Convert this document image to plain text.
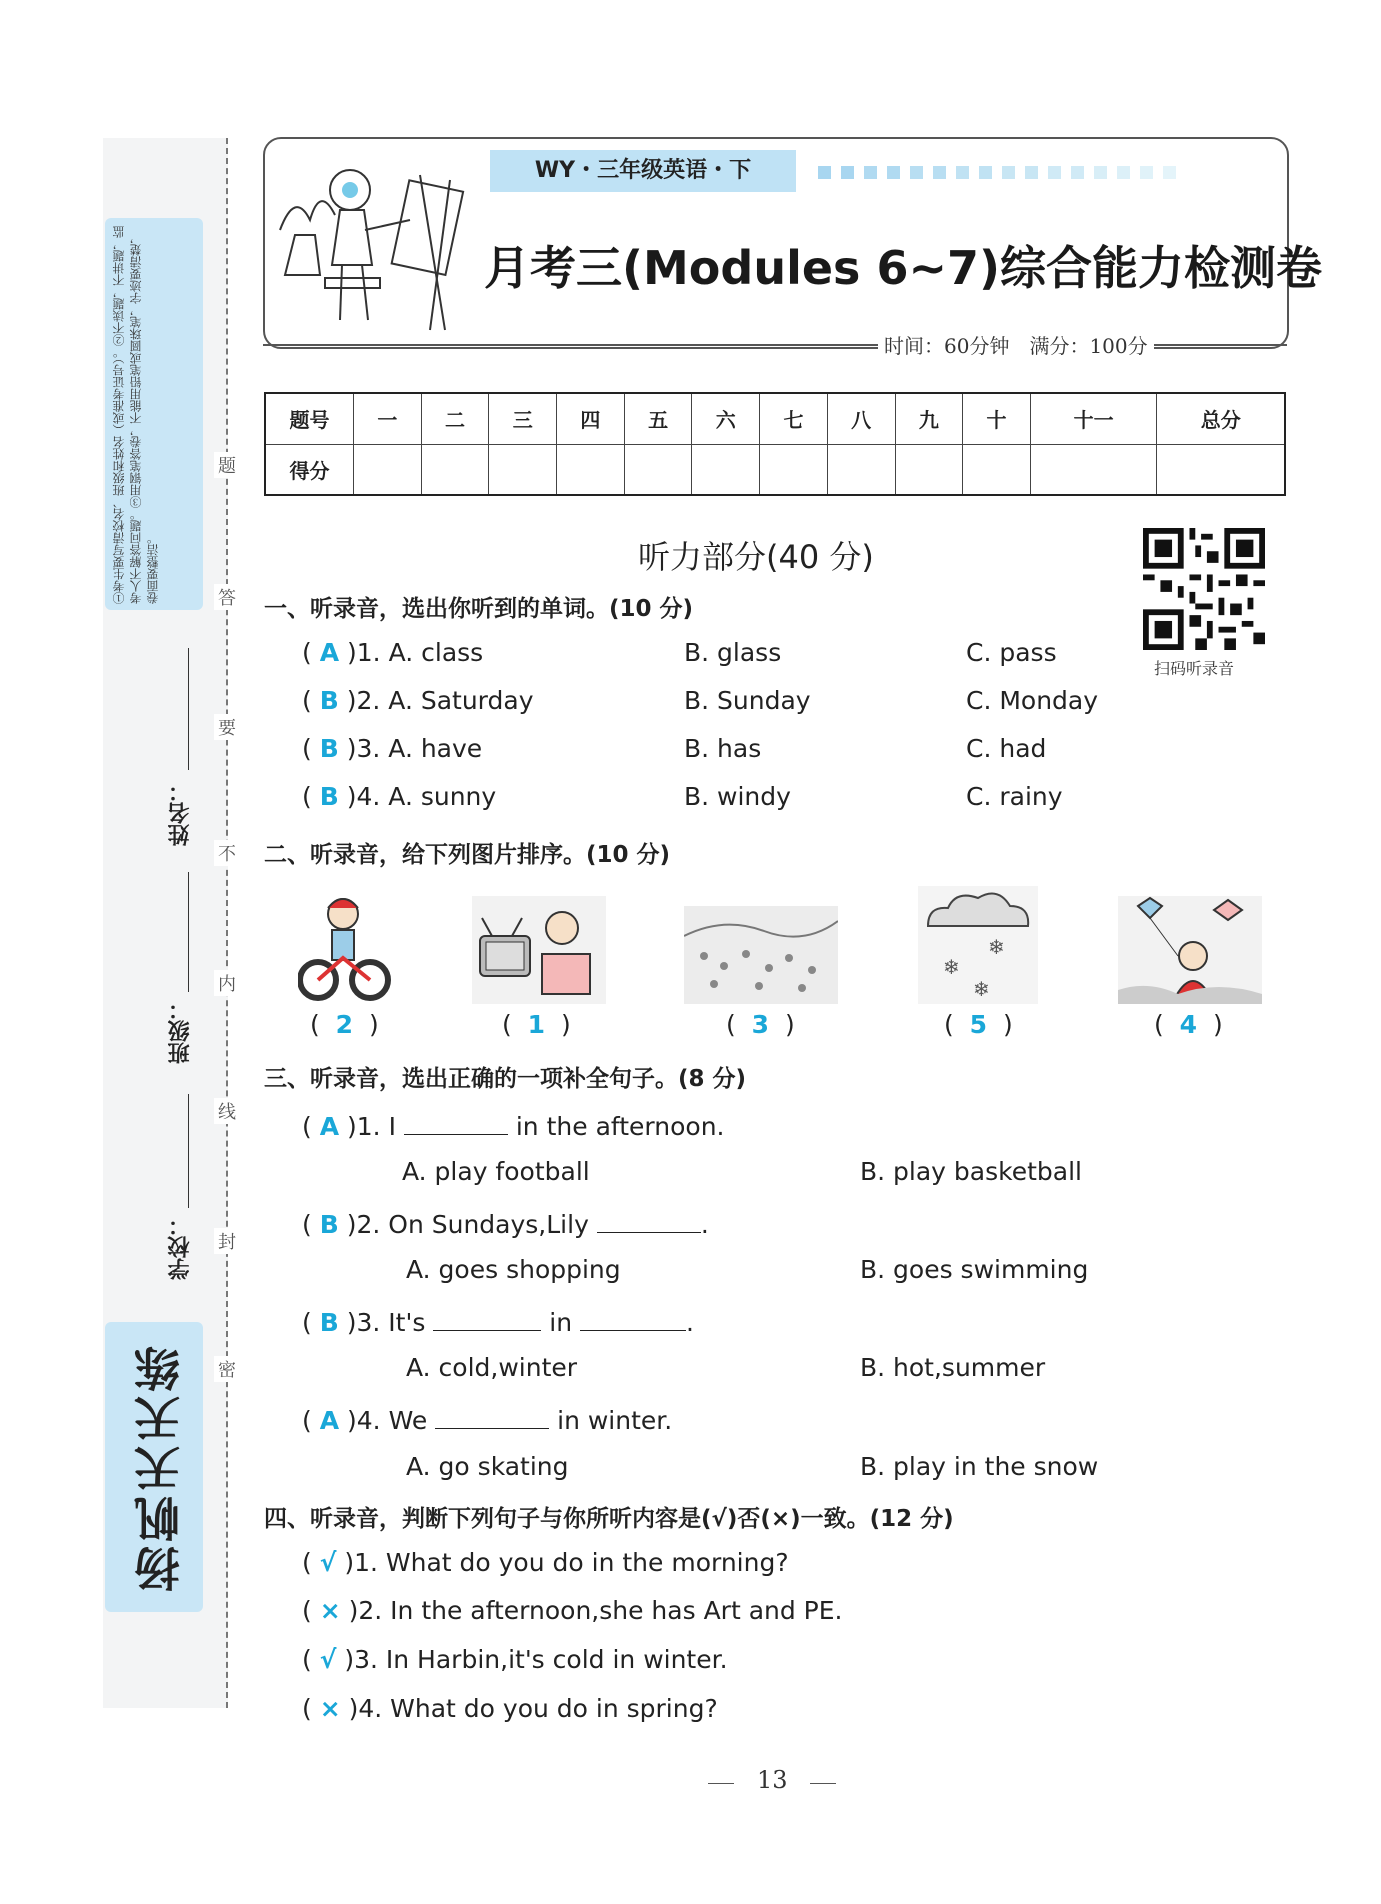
①考生要写清校名、班级和姓名（或准考证号）。②不读题，不讲题，监考人不解答问题。③用钢笔答卷，不能用铅笔或圆珠笔，字迹要清楚，卷面要整洁。
题
答
要
不
内
线
封
密
姓名：
班级：
学校：
扬帆天天练
WY・三年级英语・下
月考三(Modules 6~7)综合能力检测卷
时间：60分钟　满分：100分
题号	一	二	三	四	五	六	七	八	九	十	十一	总分
得分												
听力部分(40 分)
扫码听录音
一、听录音，选出你听到的单词。(10 分)
( A )1. A. class	B. glass	C. pass
( B )2. A. Saturday	B. Sunday	C. Monday
( B )3. A. have	B. has	C. had
( B )4. A. sunny	B. windy	C. rainy
二、听录音，给下列图片排序。(10 分)
❄
❄
❄
(  2  )	(  1  )	(  3  )	(  5  )	(  4  )
三、听录音，选出正确的一项补全句子。(8 分)
( A )1. I	in the afternoon.
A. play football	B. play basketball
( B )2. On Sundays,Lily	.
A. goes shopping	B. goes swimming
( B )3. It's	in	.
A. cold,winter	B. hot,summer
( A )4. We	in winter.
A. go skating	B. play in the snow
四、听录音，判断下列句子与你所听内容是(√)否(×)一致。(12 分)
( √ )1. What do you do in the morning?
( × )2. In the afternoon,she has Art and PE.
( √ )3. In Harbin,it's cold in winter.
( × )4. What do you do in spring?
13
